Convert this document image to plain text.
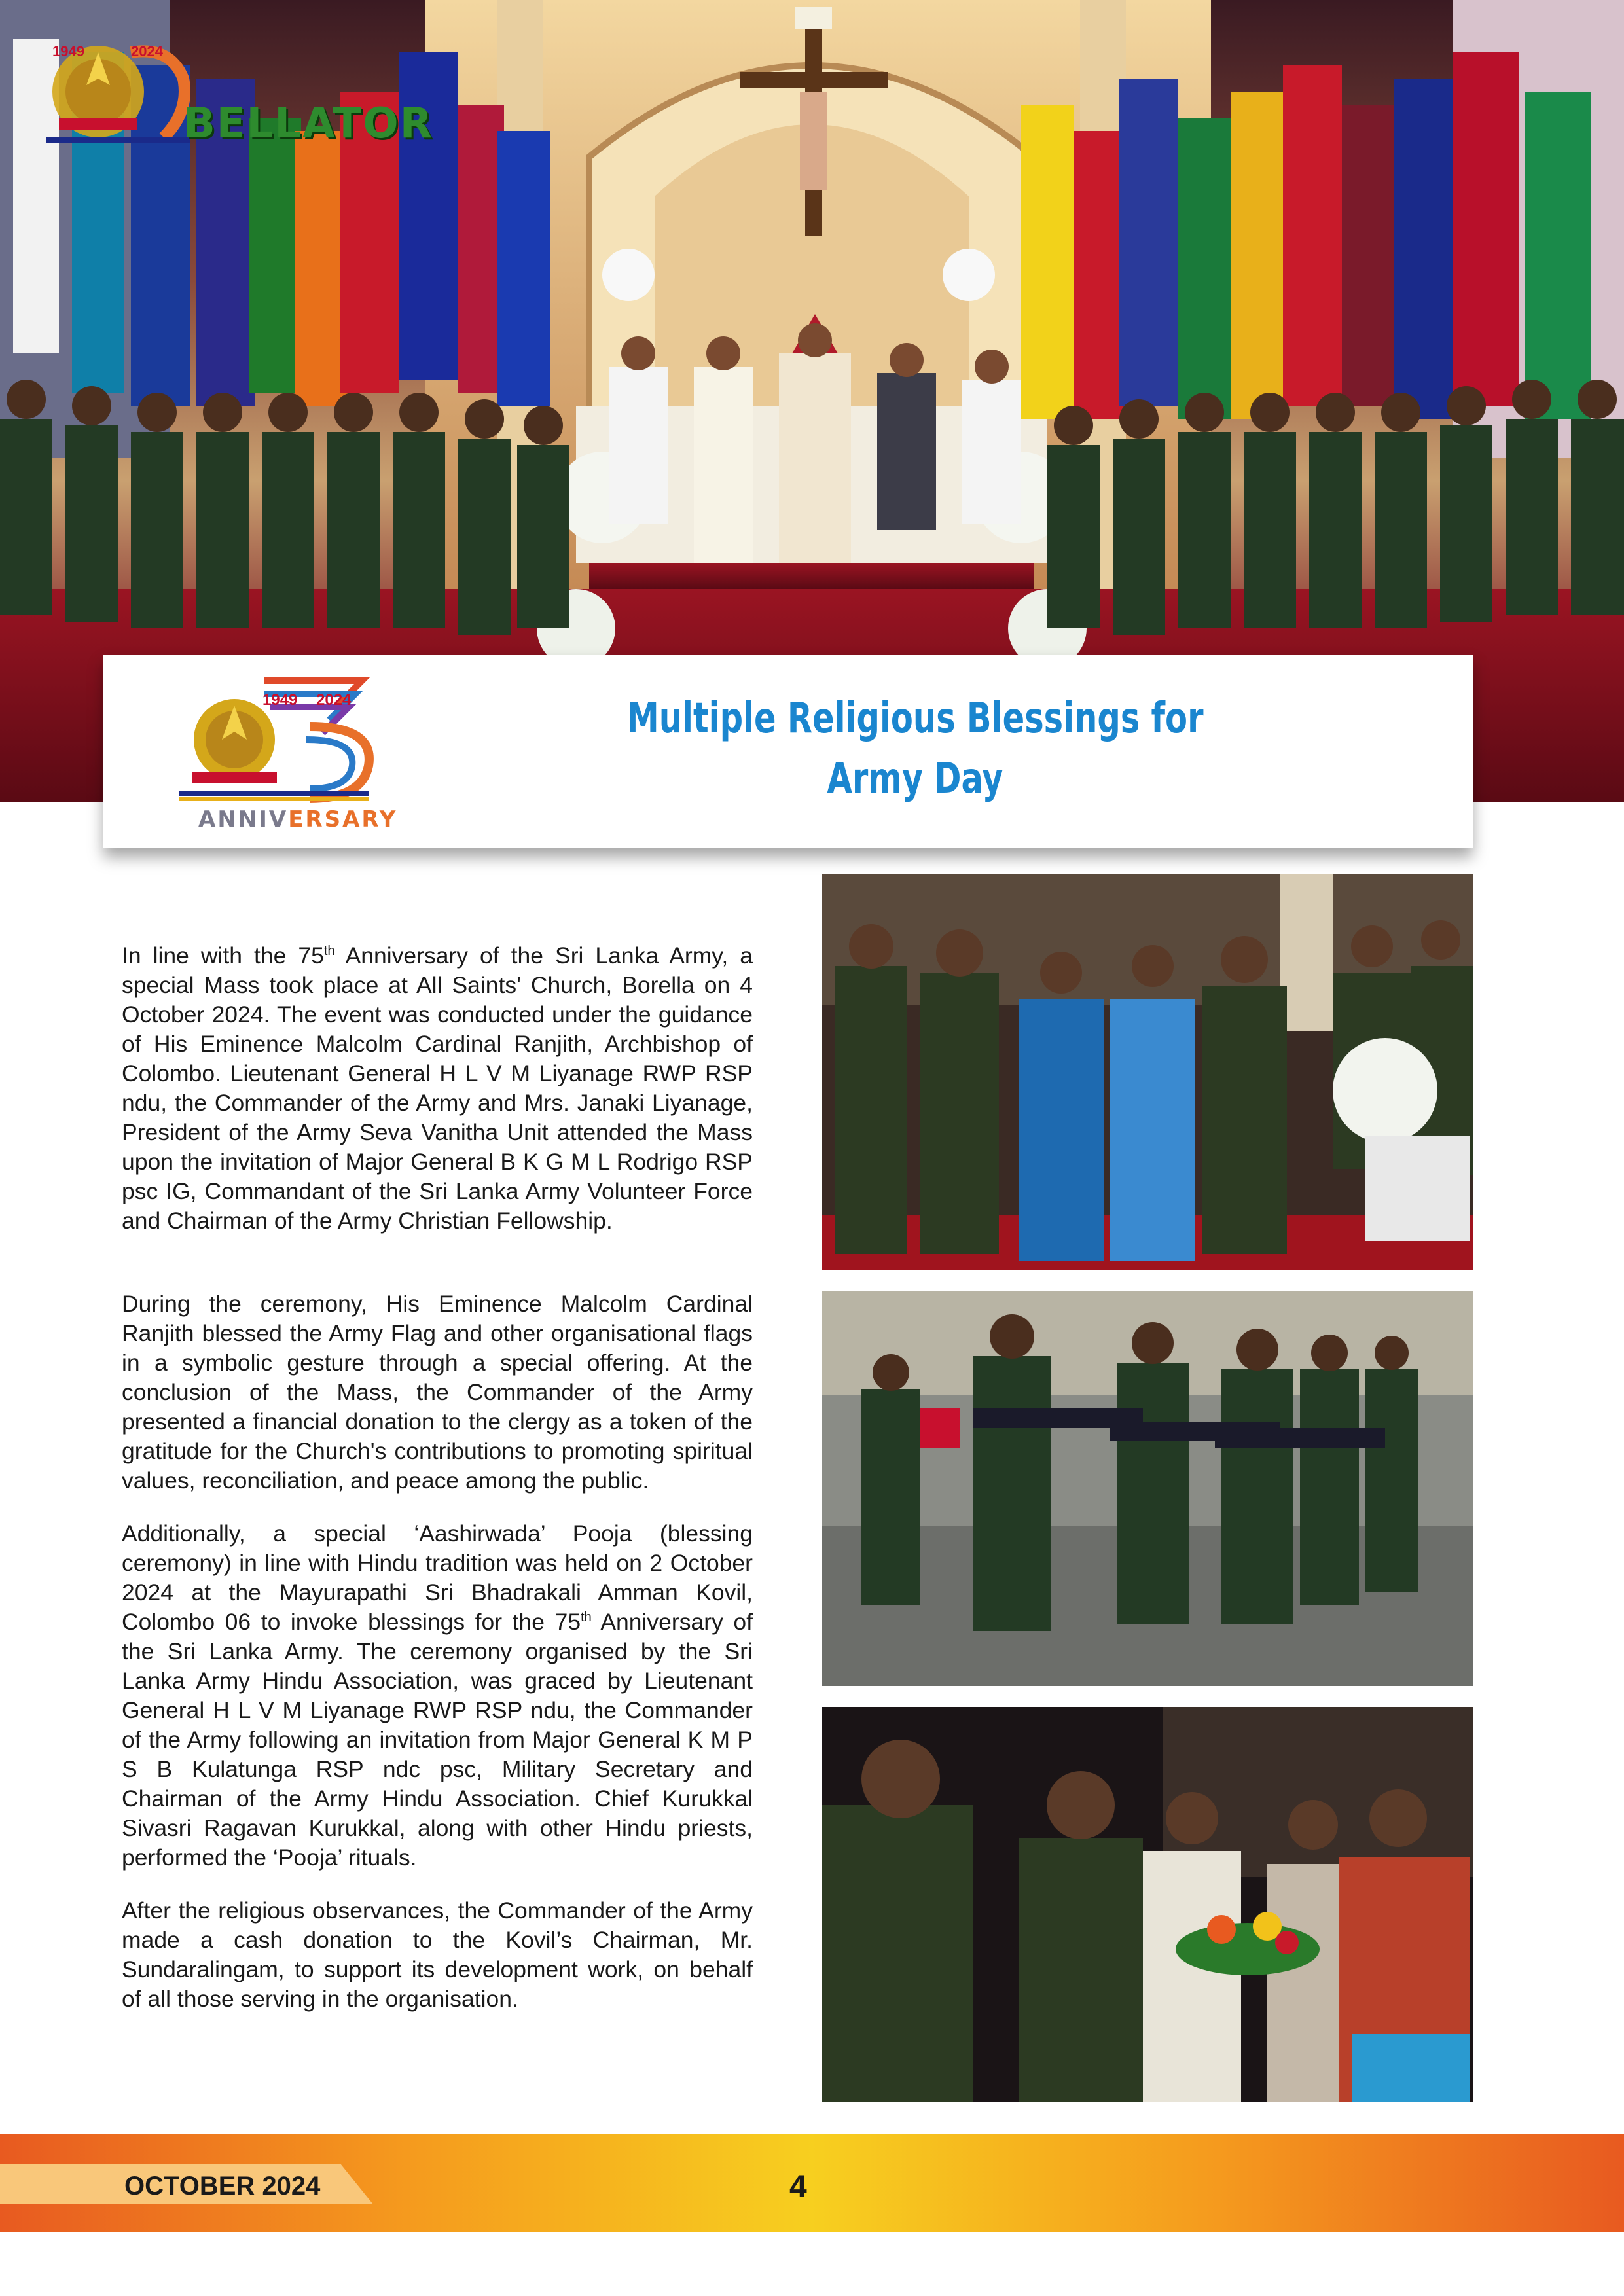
1949	2024
BELLATOR
1949 2024
ANNIVERSARY
Multiple Religious Blessings for
Army Day

In line with the 75th Anniversary of the Sri Lanka Army, a special Mass took place at All Saints' Church, Borella on 4 October 2024. The event was conducted under the guidance of His Eminence Malcolm Cardinal Ranjith, Archbishop of Colombo. Lieutenant General H L V M Liyanage RWP RSP ndu, the Commander of the Army and Mrs. Janaki Liyanage, President of the Army Seva Vanitha Unit attended the Mass upon the invitation of Major General B K G M L Rodrigo RSP psc IG, Commandant of the Sri Lanka Army Volunteer Force and Chairman of the Army Christian Fellowship.

During the ceremony, His Eminence Malcolm Cardinal Ranjith blessed the Army Flag and other organisational flags in a symbolic gesture through a special offering. At the conclusion of the Mass, the Commander of the Army presented a financial donation to the clergy as a token of the gratitude for the Church's contributions to promoting spiritual values, reconciliation, and peace among the public.

Additionally, a special ‘Aashirwada’ Pooja (blessing ceremony) in line with Hindu tradition was held on 2 October 2024 at the Mayurapathi Sri Bhadrakali Amman Kovil, Colombo 06 to invoke blessings for the 75th Anniversary of the Sri Lanka Army. The ceremony organised by the Sri Lanka Army Hindu Association, was graced by Lieutenant General H L V M Liyanage RWP RSP ndu, the Commander of the Army following an invitation from Major General K M P S B Kulatunga RSP ndc psc, Military Secretary and Chairman of the Army Hindu Association. Chief Kurukkal Sivasri Ragavan Kurukkal, along with other Hindu priests, performed the ‘Pooja’ rituals.

After the religious observances, the Commander of the Army made a cash donation to the Kovil’s Chairman, Mr. Sundaralingam, to support its development work, on behalf of all those serving in the organisation.

OCTOBER 2024	4
